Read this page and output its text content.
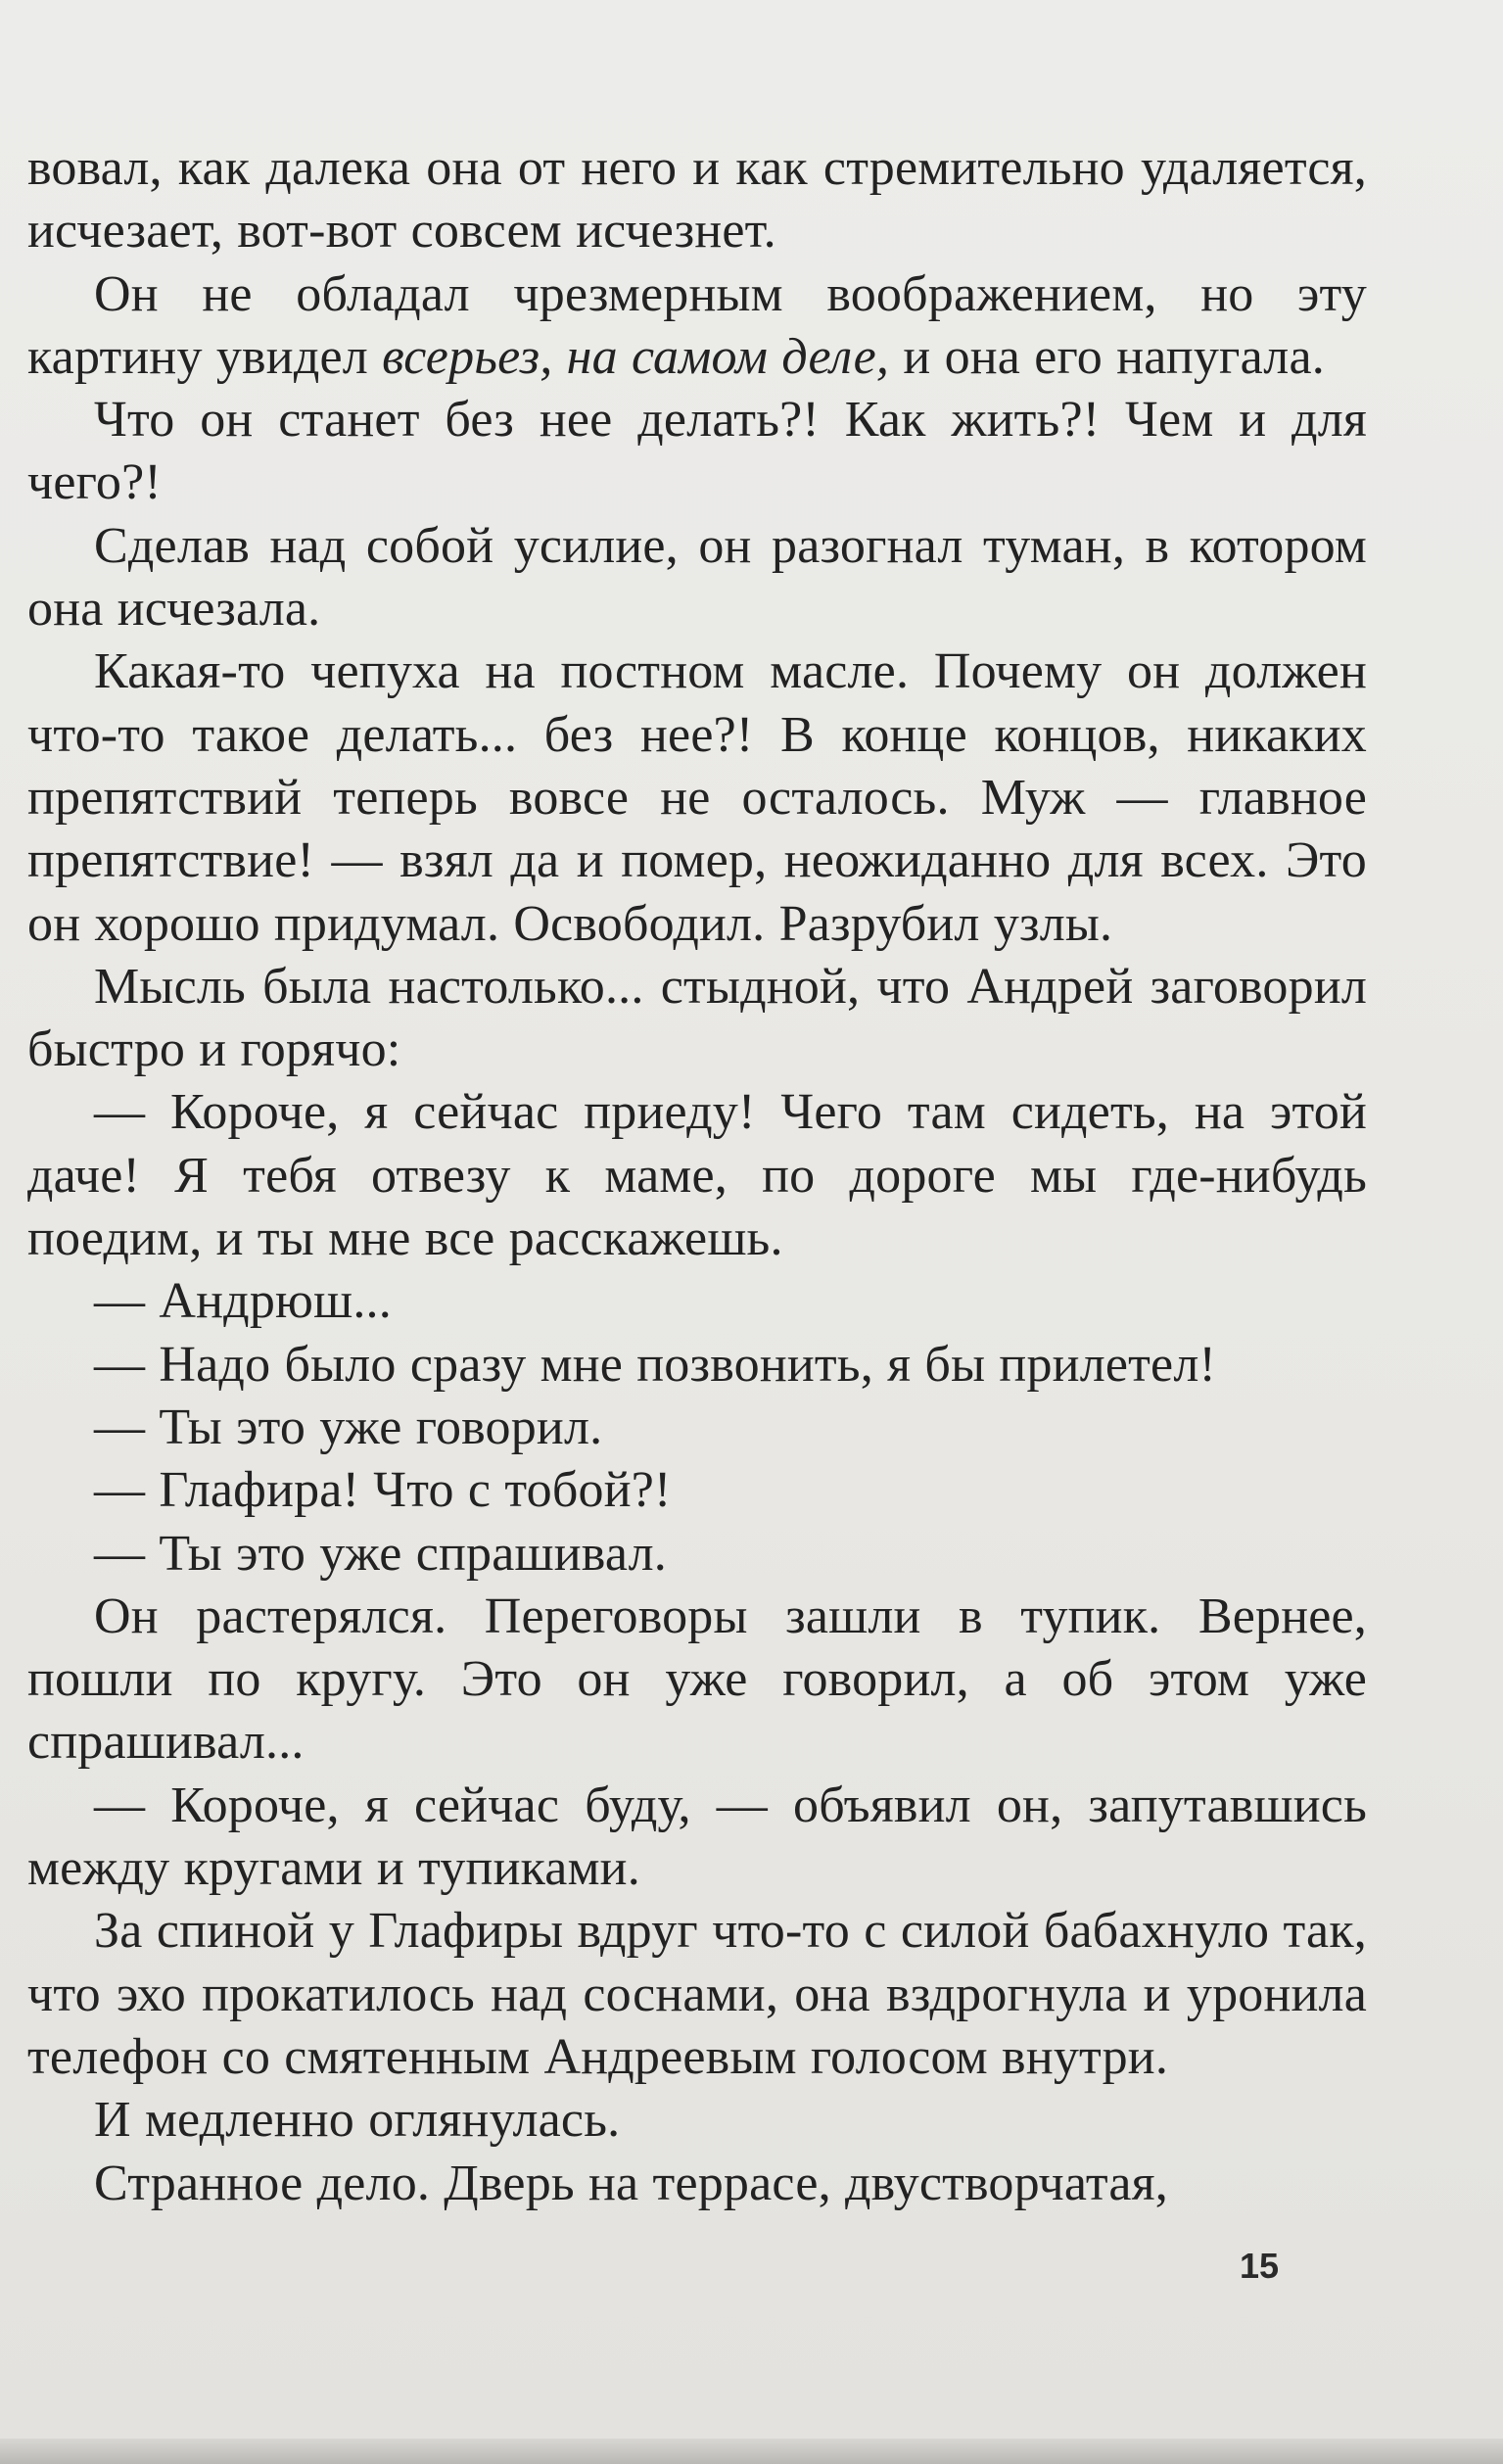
вовал, как далека она от него и как стремительно удаляется, исчезает, вот-вот совсем исчезнет.

Он не обладал чрезмерным воображением, но эту картину увидел всерьез, на самом деле, и она его напугала.

Что он станет без нее делать?! Как жить?! Чем и для чего?!

Сделав над собой усилие, он разогнал туман, в котором она исчезала.

Какая-то чепуха на постном масле. Почему он должен что-то такое делать... без нее?! В конце концов, никаких препятствий теперь вовсе не осталось. Муж — главное препятствие! — взял да и помер, неожиданно для всех. Это он хорошо придумал. Освободил. Разрубил узлы.

Мысль была настолько... стыдной, что Андрей заговорил быстро и горячо:

— Короче, я сейчас приеду! Чего там сидеть, на этой даче! Я тебя отвезу к маме, по дороге мы где-нибудь поедим, и ты мне все расскажешь.

— Андрюш...

— Надо было сразу мне позвонить, я бы прилетел!

— Ты это уже говорил.

— Глафира! Что с тобой?!

— Ты это уже спрашивал.

Он растерялся. Переговоры зашли в тупик. Вернее, пошли по кругу. Это он уже говорил, а об этом уже спрашивал...

— Короче, я сейчас буду, — объявил он, запутавшись между кругами и тупиками.

За спиной у Глафиры вдруг что-то с силой бабахнуло так, что эхо прокатилось над соснами, она вздрогнула и уронила телефон со смятенным Андреевым голосом внутри.

И медленно оглянулась.

Странное дело. Дверь на террасе, двустворчатая,

15
